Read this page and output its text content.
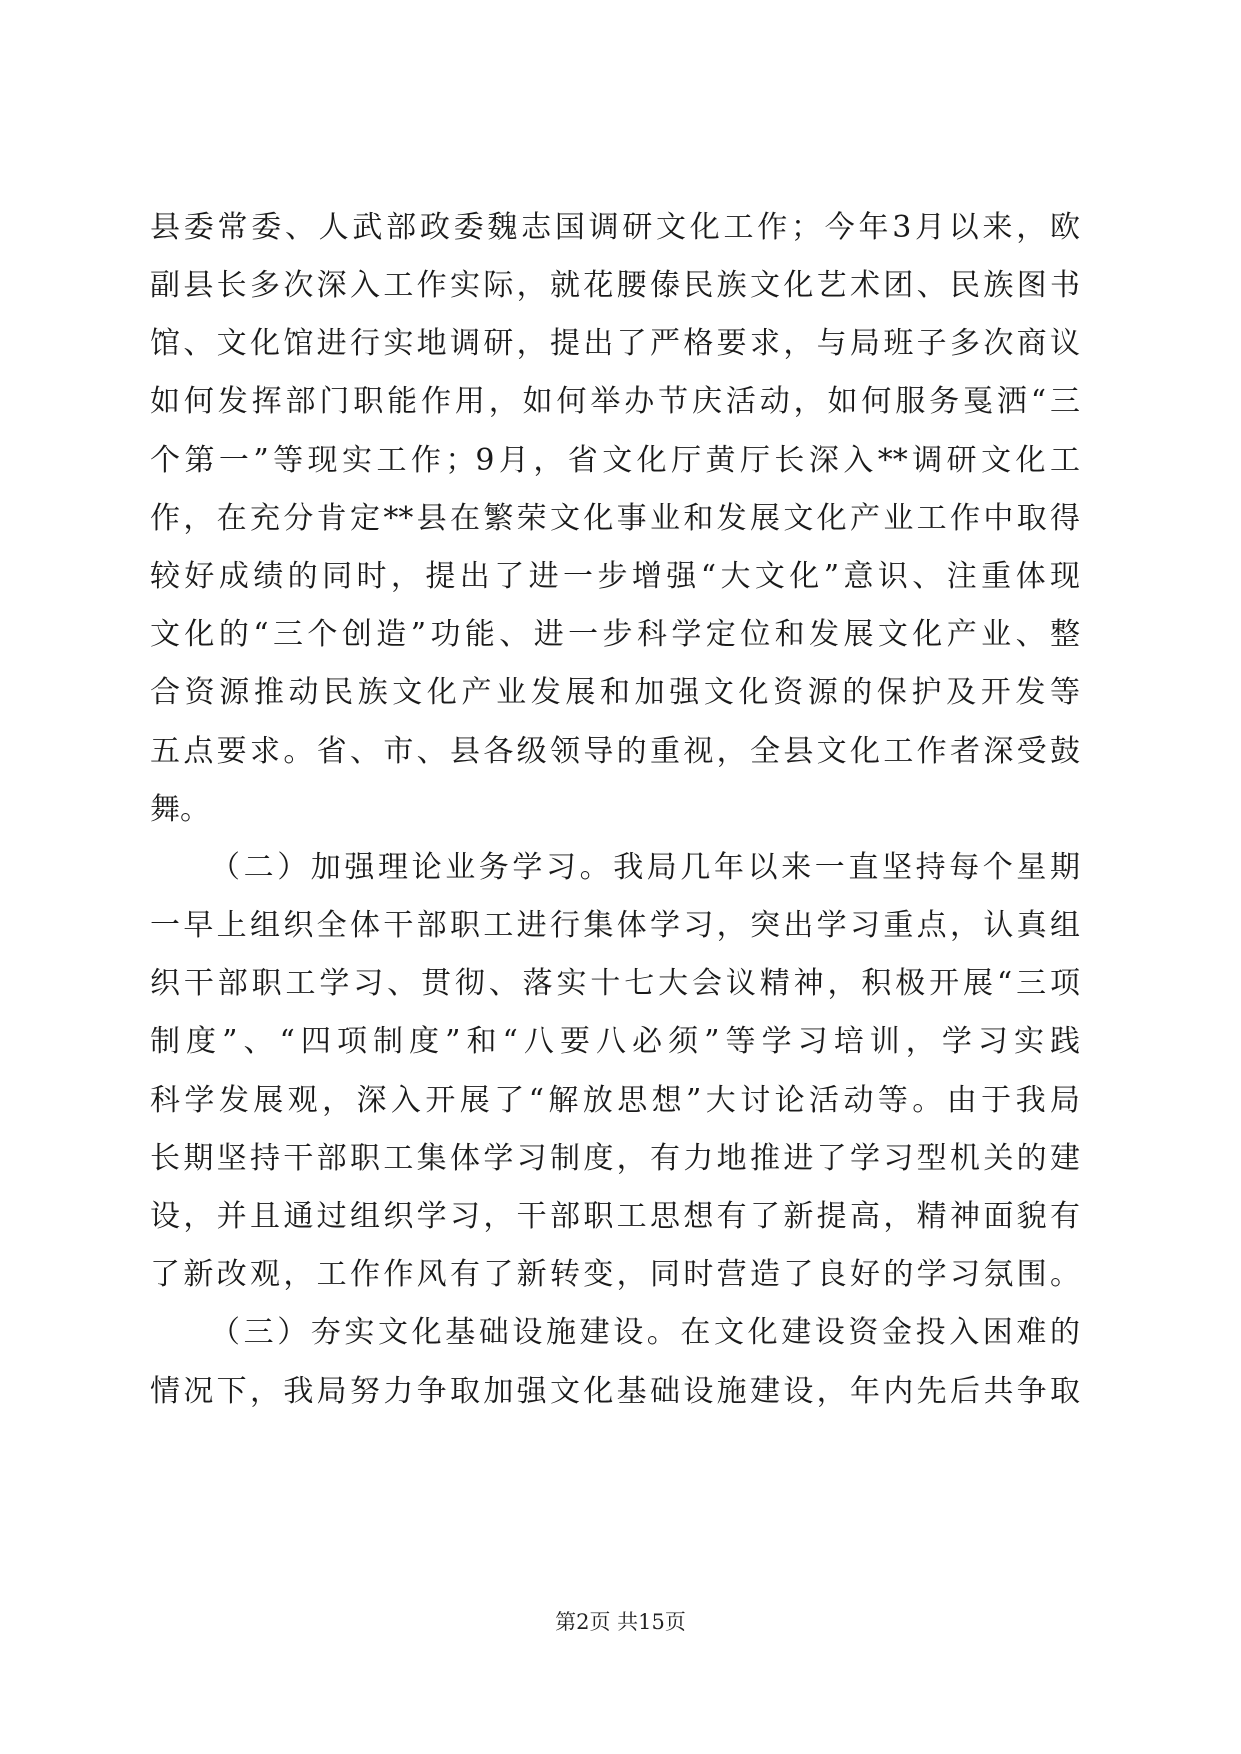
县委常委、人武部政委魏志国调研文化工作；今年3月以来，欧
副县长多次深入工作实际，就花腰傣民族文化艺术团、民族图书
馆、文化馆进行实地调研，提出了严格要求，与局班子多次商议
如何发挥部门职能作用，如何举办节庆活动，如何服务戛洒“三
个第一”等现实工作；9月，省文化厅黄厅长深入**调研文化工
作，在充分肯定**县在繁荣文化事业和发展文化产业工作中取得
较好成绩的同时，提出了进一步增强“大文化”意识、注重体现
文化的“三个创造”功能、进一步科学定位和发展文化产业、整
合资源推动民族文化产业发展和加强文化资源的保护及开发等
五点要求。省、市、县各级领导的重视，全县文化工作者深受鼓
舞。
（二）加强理论业务学习。我局几年以来一直坚持每个星期
一早上组织全体干部职工进行集体学习，突出学习重点，认真组
织干部职工学习、贯彻、落实十七大会议精神，积极开展“三项
制度”、“四项制度”和“八要八必须”等学习培训，学习实践
科学发展观，深入开展了“解放思想”大讨论活动等。由于我局
长期坚持干部职工集体学习制度，有力地推进了学习型机关的建
设，并且通过组织学习，干部职工思想有了新提高，精神面貌有
了新改观，工作作风有了新转变，同时营造了良好的学习氛围。
（三）夯实文化基础设施建设。在文化建设资金投入困难的
情况下，我局努力争取加强文化基础设施建设，年内先后共争取
第2页 共15页
